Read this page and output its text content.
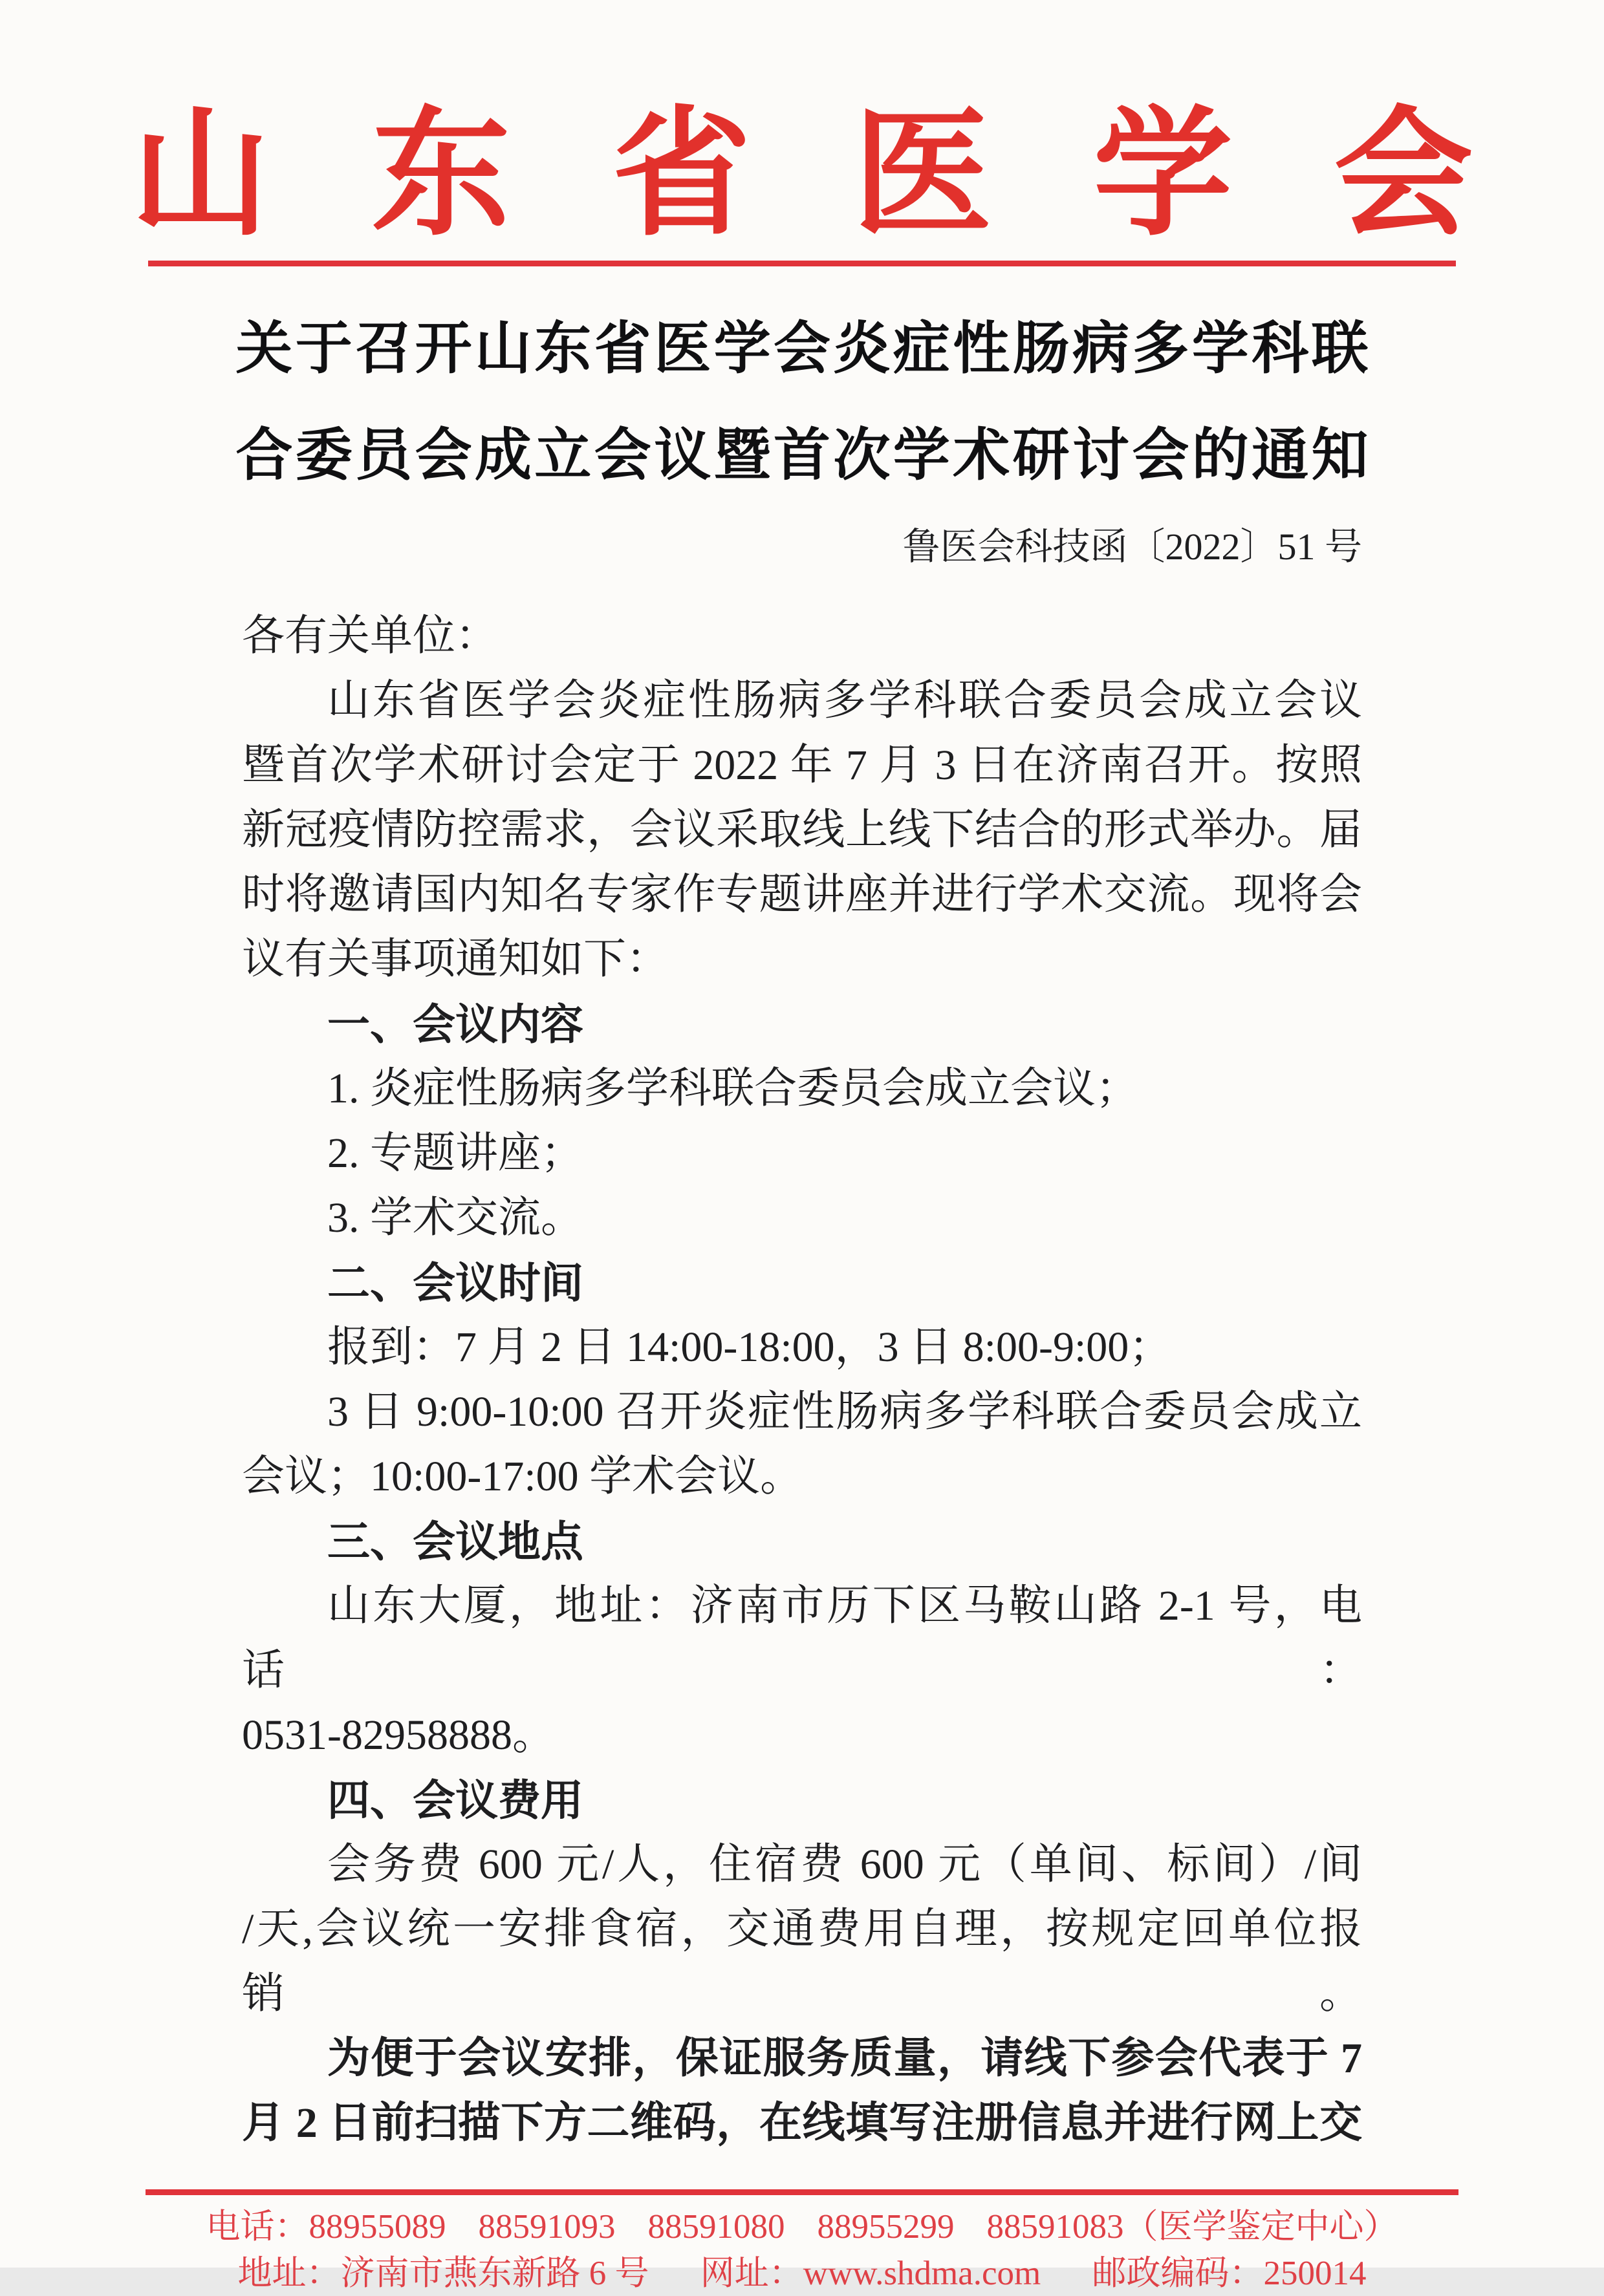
山东省医学会
关于召开山东省医学会炎症性肠病多学科联
合委员会成立会议暨首次学术研讨会的通知
鲁医会科技函〔2022〕51 号
各有关单位：
山东省医学会炎症性肠病多学科联合委员会成立会议
暨首次学术研讨会定于 2022 年 7 月 3 日在济南召开。按照
新冠疫情防控需求，会议采取线上线下结合的形式举办。届
时将邀请国内知名专家作专题讲座并进行学术交流。现将会
议有关事项通知如下：
一、会议内容
1. 炎症性肠病多学科联合委员会成立会议；
2. 专题讲座；
3. 学术交流。
二、会议时间
报到：7 月 2 日 14:00-18:00，3 日 8:00-9:00；
3 日 9:00-10:00 召开炎症性肠病多学科联合委员会成立
会议；10:00-17:00 学术会议。
三、会议地点
山东大厦，地址：济南市历下区马鞍山路 2-1 号，电话：
0531-82958888。
四、会议费用
会务费 600 元/人，住宿费 600 元（单间、标间）/间
/天,会议统一安排食宿，交通费用自理，按规定回单位报销。
为便于会议安排，保证服务质量，请线下参会代表于 7
月 2 日前扫描下方二维码，在线填写注册信息并进行网上交
电话：88955089 88591093 88591080 88955299 88591083（医学鉴定中心）
地址：济南市燕东新路 6 号 网址：www.shdma.com 邮政编码：250014
